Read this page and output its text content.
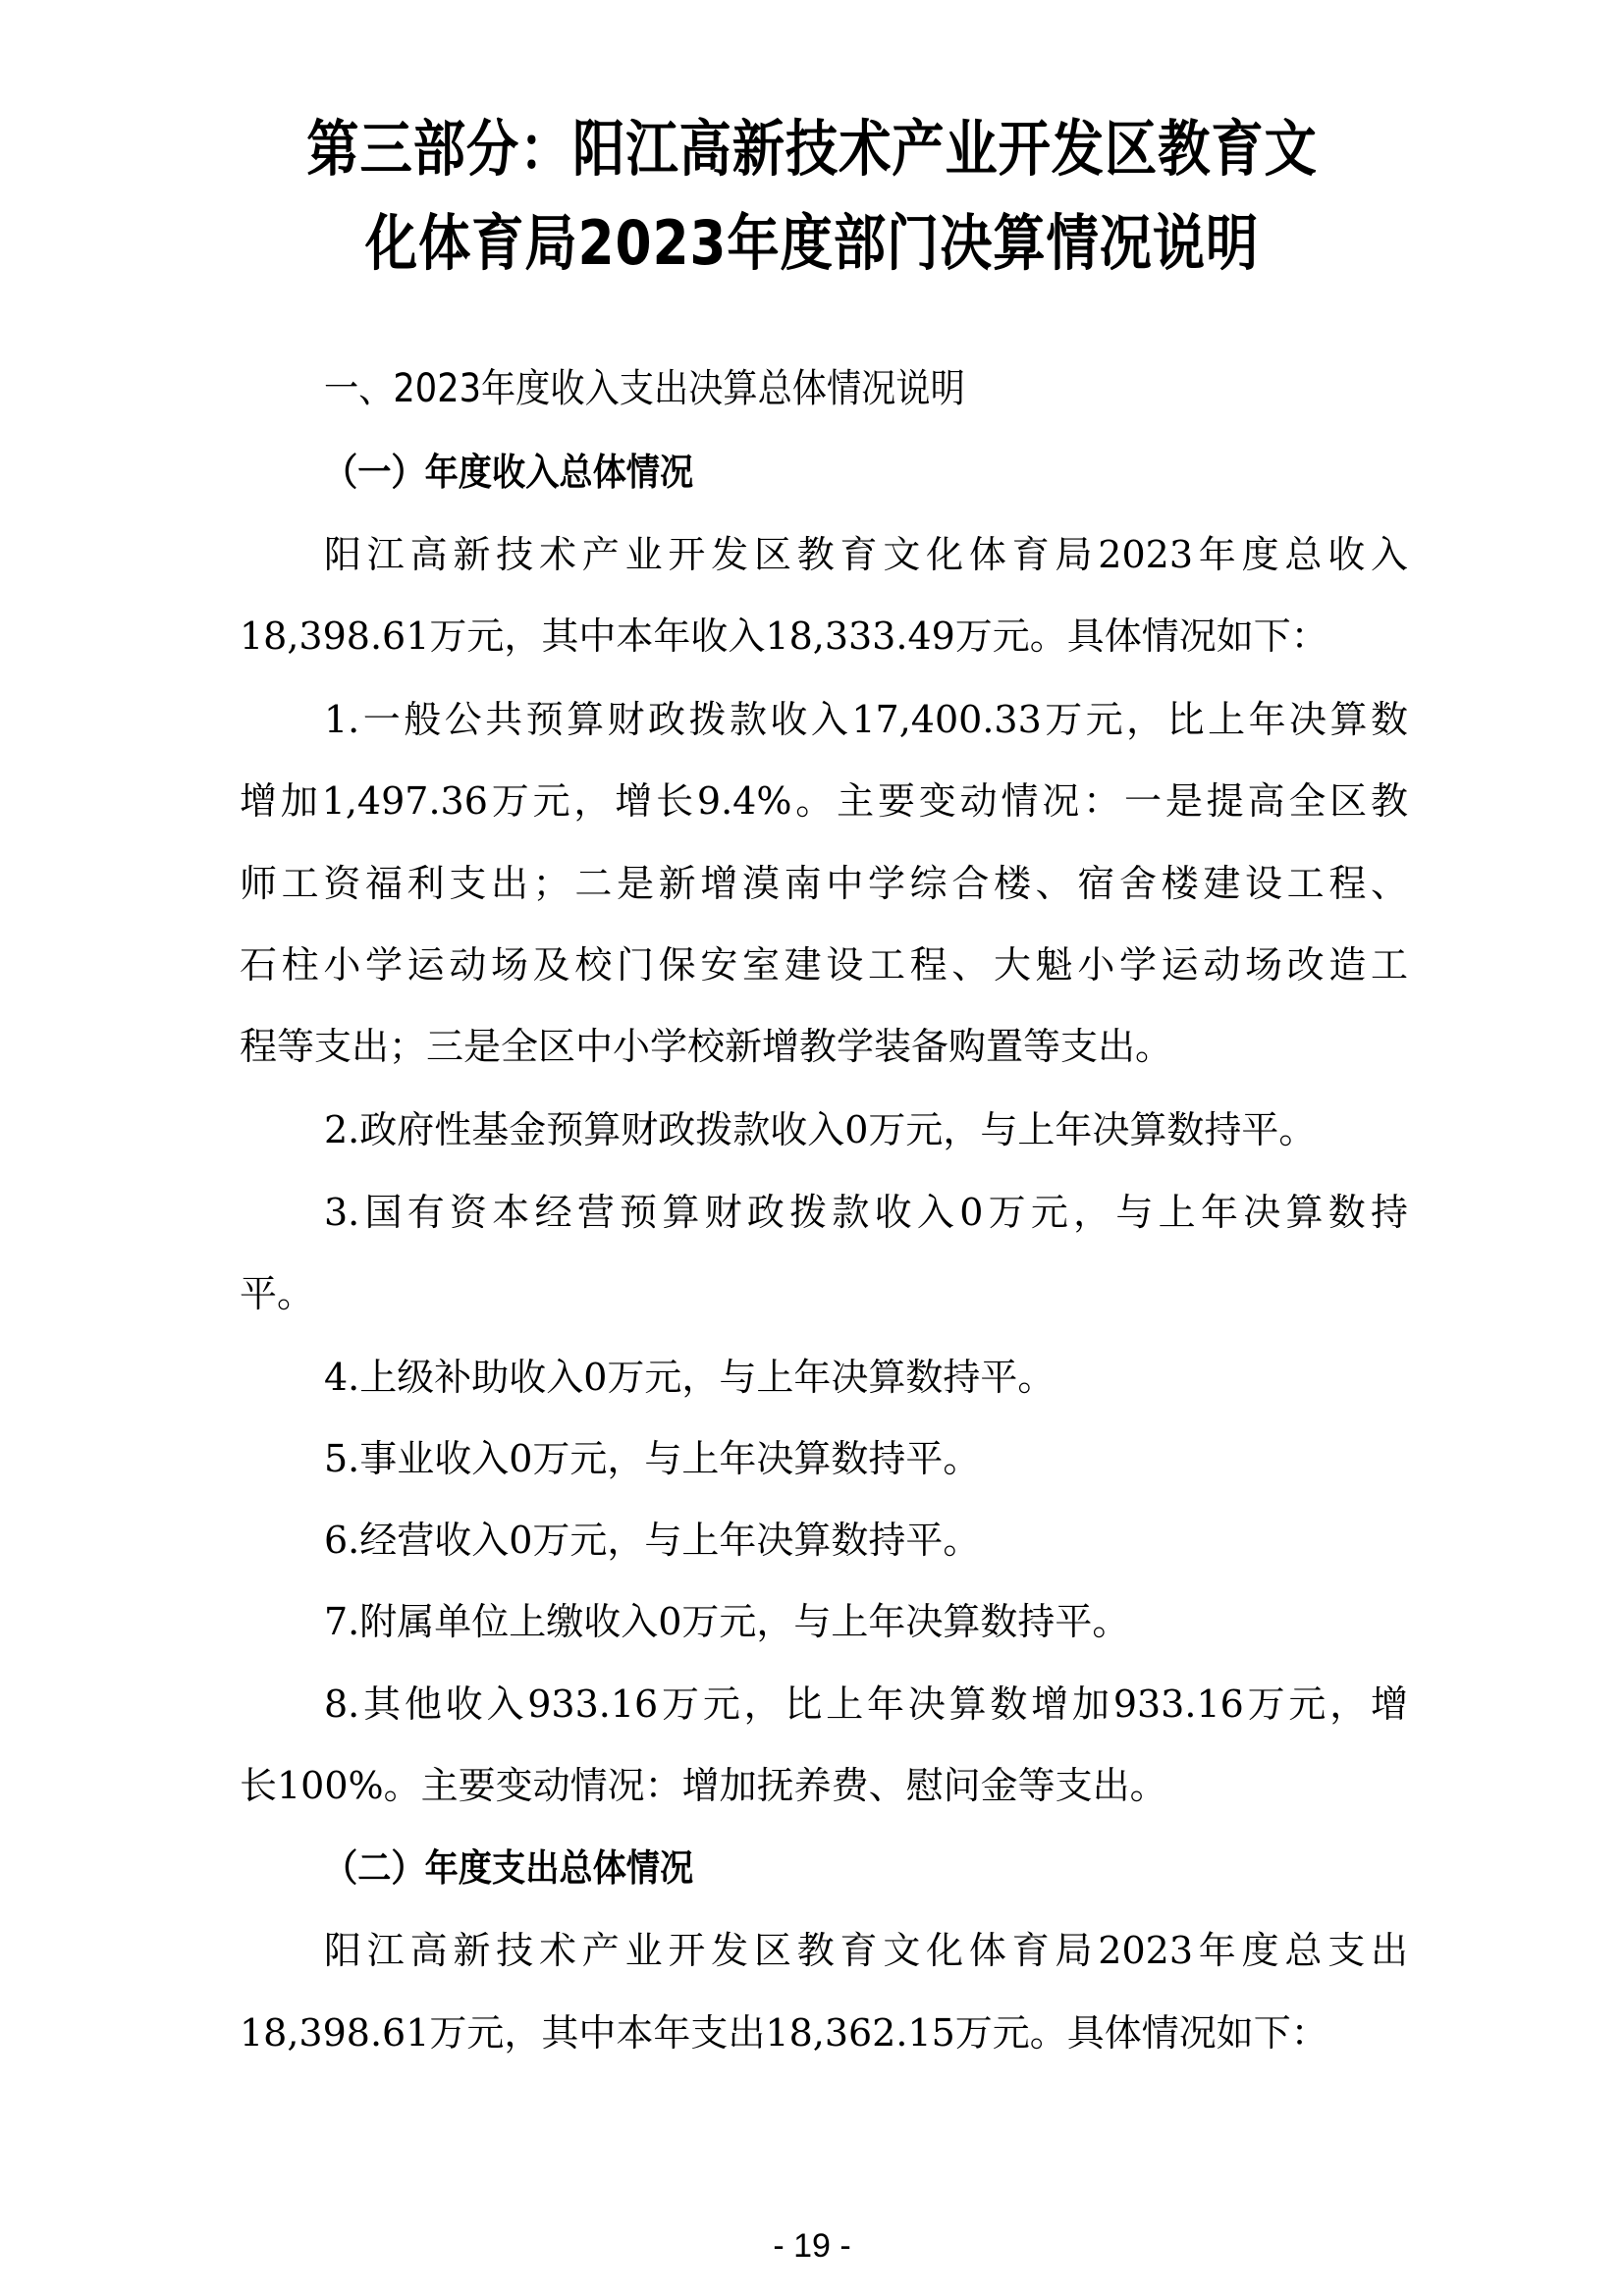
第三部分：阳江高新技术产业开发区教育文
化体育局2023年度部门决算情况说明
一、2023年度收入支出决算总体情况说明
（一）年度收入总体情况
阳江高新技术产业开发区教育文化体育局2023年度总收入
18,398.61万元，其中本年收入18,333.49万元。具体情况如下：
1.一般公共预算财政拨款收入17,400.33万元，比上年决算数
增加1,497.36万元，增长9.4%。主要变动情况：一是提高全区教
师工资福利支出；二是新增漠南中学综合楼、宿舍楼建设工程、
石柱小学运动场及校门保安室建设工程、大魁小学运动场改造工
程等支出；三是全区中小学校新增教学装备购置等支出。
2.政府性基金预算财政拨款收入0万元，与上年决算数持平。
3.国有资本经营预算财政拨款收入0万元，与上年决算数持
平。
4.上级补助收入0万元，与上年决算数持平。
5.事业收入0万元，与上年决算数持平。
6.经营收入0万元，与上年决算数持平。
7.附属单位上缴收入0万元，与上年决算数持平。
8.其他收入933.16万元，比上年决算数增加933.16万元，增
长100%。主要变动情况：增加抚养费、慰问金等支出。
（二）年度支出总体情况
阳江高新技术产业开发区教育文化体育局2023年度总支出
18,398.61万元，其中本年支出18,362.15万元。具体情况如下：
- 19 -
